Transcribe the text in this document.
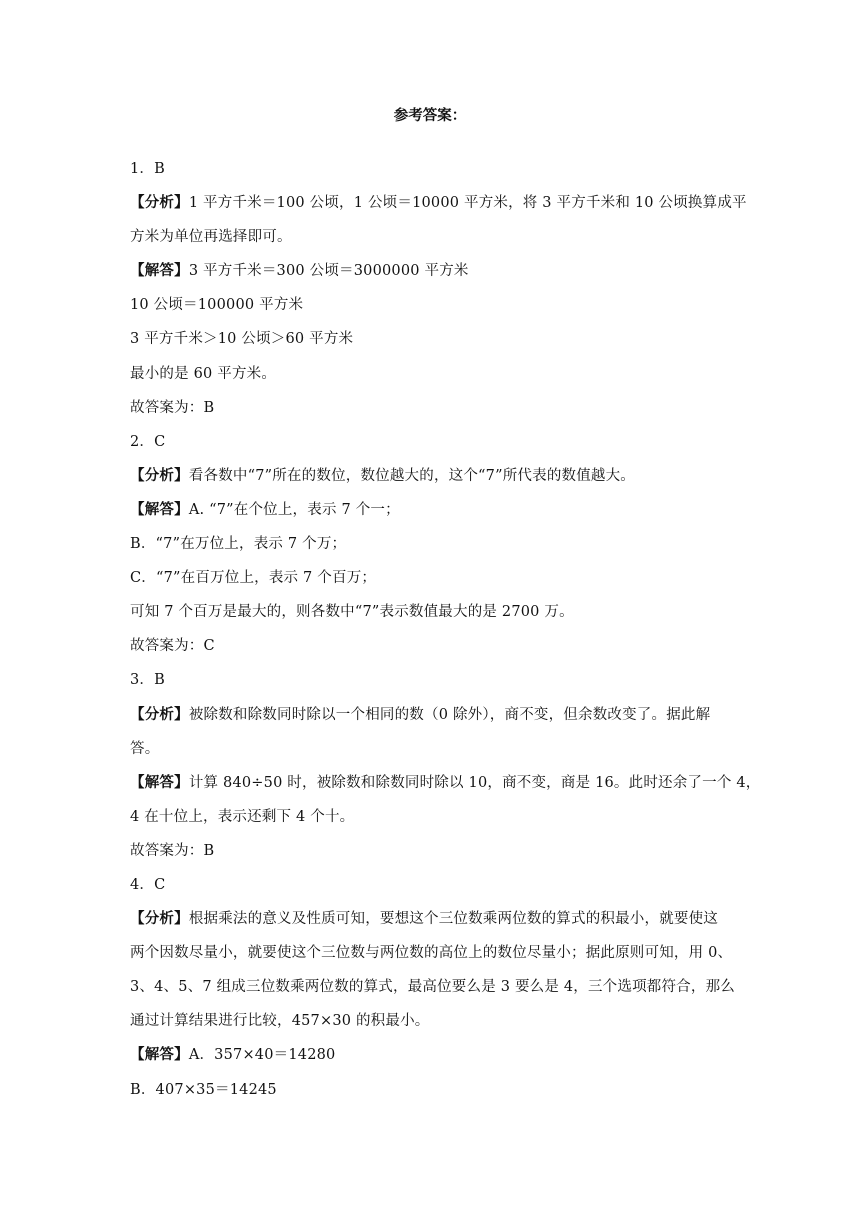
参考答案：
1．B
【分析】1 平方千米＝100 公顷，1 公顷＝10000 平方米，将 3 平方千米和 10 公顷换算成平
方米为单位再选择即可。
【解答】3 平方千米＝300 公顷＝3000000 平方米
10 公顷＝100000 平方米
3 平方千米＞10 公顷＞60 平方米
最小的是 60 平方米。
故答案为：B
2．C
【分析】看各数中“7”所在的数位，数位越大的，这个“7”所代表的数值越大。
【解答】A. “7”在个位上，表示 7 个一；
B．“7”在万位上，表示 7 个万；
C．“7”在百万位上，表示 7 个百万；
可知 7 个百万是最大的，则各数中“7”表示数值最大的是 2700 万。
故答案为：C
3．B
【分析】被除数和除数同时除以一个相同的数（0 除外），商不变，但余数改变了。据此解
答。
【解答】计算 840÷50 时，被除数和除数同时除以 10，商不变，商是 16。此时还余了一个 4，
4 在十位上，表示还剩下 4 个十。
故答案为：B
4．C
【分析】根据乘法的意义及性质可知，要想这个三位数乘两位数的算式的积最小，就要使这
两个因数尽量小，就要使这个三位数与两位数的高位上的数位尽量小；据此原则可知，用 0、
3、4、5、7 组成三位数乘两位数的算式，最高位要么是 3 要么是 4，三个选项都符合，那么
通过计算结果进行比较，457×30 的积最小。
【解答】A．357×40＝14280
B．407×35＝14245
